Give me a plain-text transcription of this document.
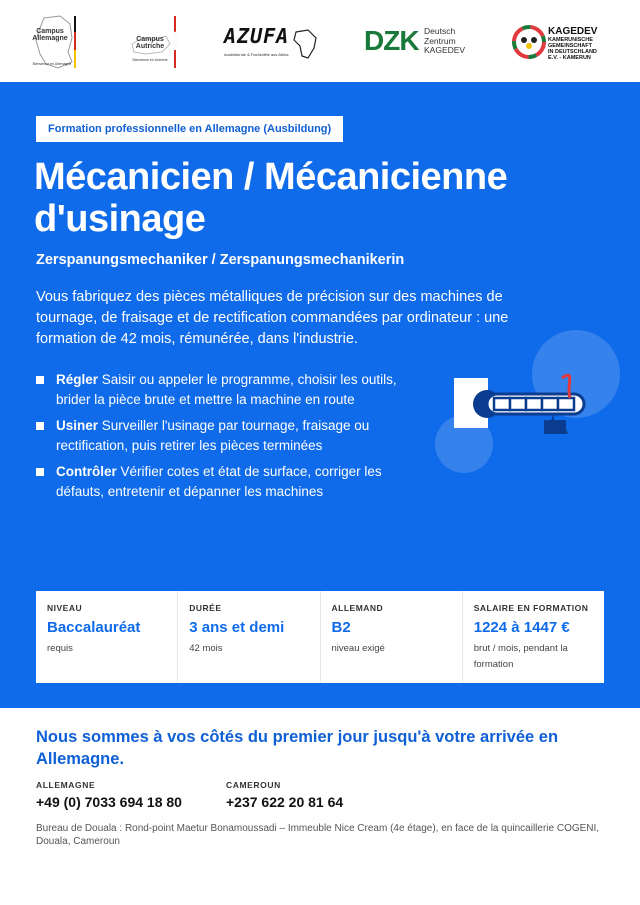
Campus
Allemagne
Bienvenue en Allemagne
Campus
Autriche
Bienvenue en Autriche
AZUFA
Ausbildende & Fachkräfte aus Afrika	DZK Deutsch
Zentrum
KAGEDEV
KAGEDEV
KAMERUNISCHE
GEMEINSCHAFT
IN DEUTSCHLAND
E.V. - KAMERUN
Formation professionnelle en Allemagne (Ausbildung)
Mécanicien / Mécanicienne d'usinage
Zerspanungsmechaniker / Zerspanungsmechanikerin

Vous fabriquez des pièces métalliques de précision sur des machines de tournage, de fraisage et de rectification commandées par ordinateur : une formation de 42 mois, rémunérée, dans l'industrie.

Régler Saisir ou appeler le programme, choisir les outils, brider la pièce brute et mettre la machine en route
Usiner Surveiller l'usinage par tournage, fraisage ou rectification, puis retirer les pièces terminées
Contrôler Vérifier cotes et état de surface, corriger les défauts, entretenir et dépanner les machines
NIVEAU
Baccalauréat
requis
DURÉE
3 ans et demi
42 mois
ALLEMAND
B2
niveau exigé
SALAIRE EN FORMATION
1224 à 1447 €
brut / mois, pendant la formation
Nous sommes à vos côtés du premier jour jusqu'à votre arrivée en Allemagne.
ALLEMAGNE
+49 (0) 7033 694 18 80
CAMEROUN
+237 622 20 81 64
Bureau de Douala : Rond-point Maetur Bonamoussadi – Immeuble Nice Cream (4e étage), en face de la quincaillerie COGENI, Douala, Cameroun
